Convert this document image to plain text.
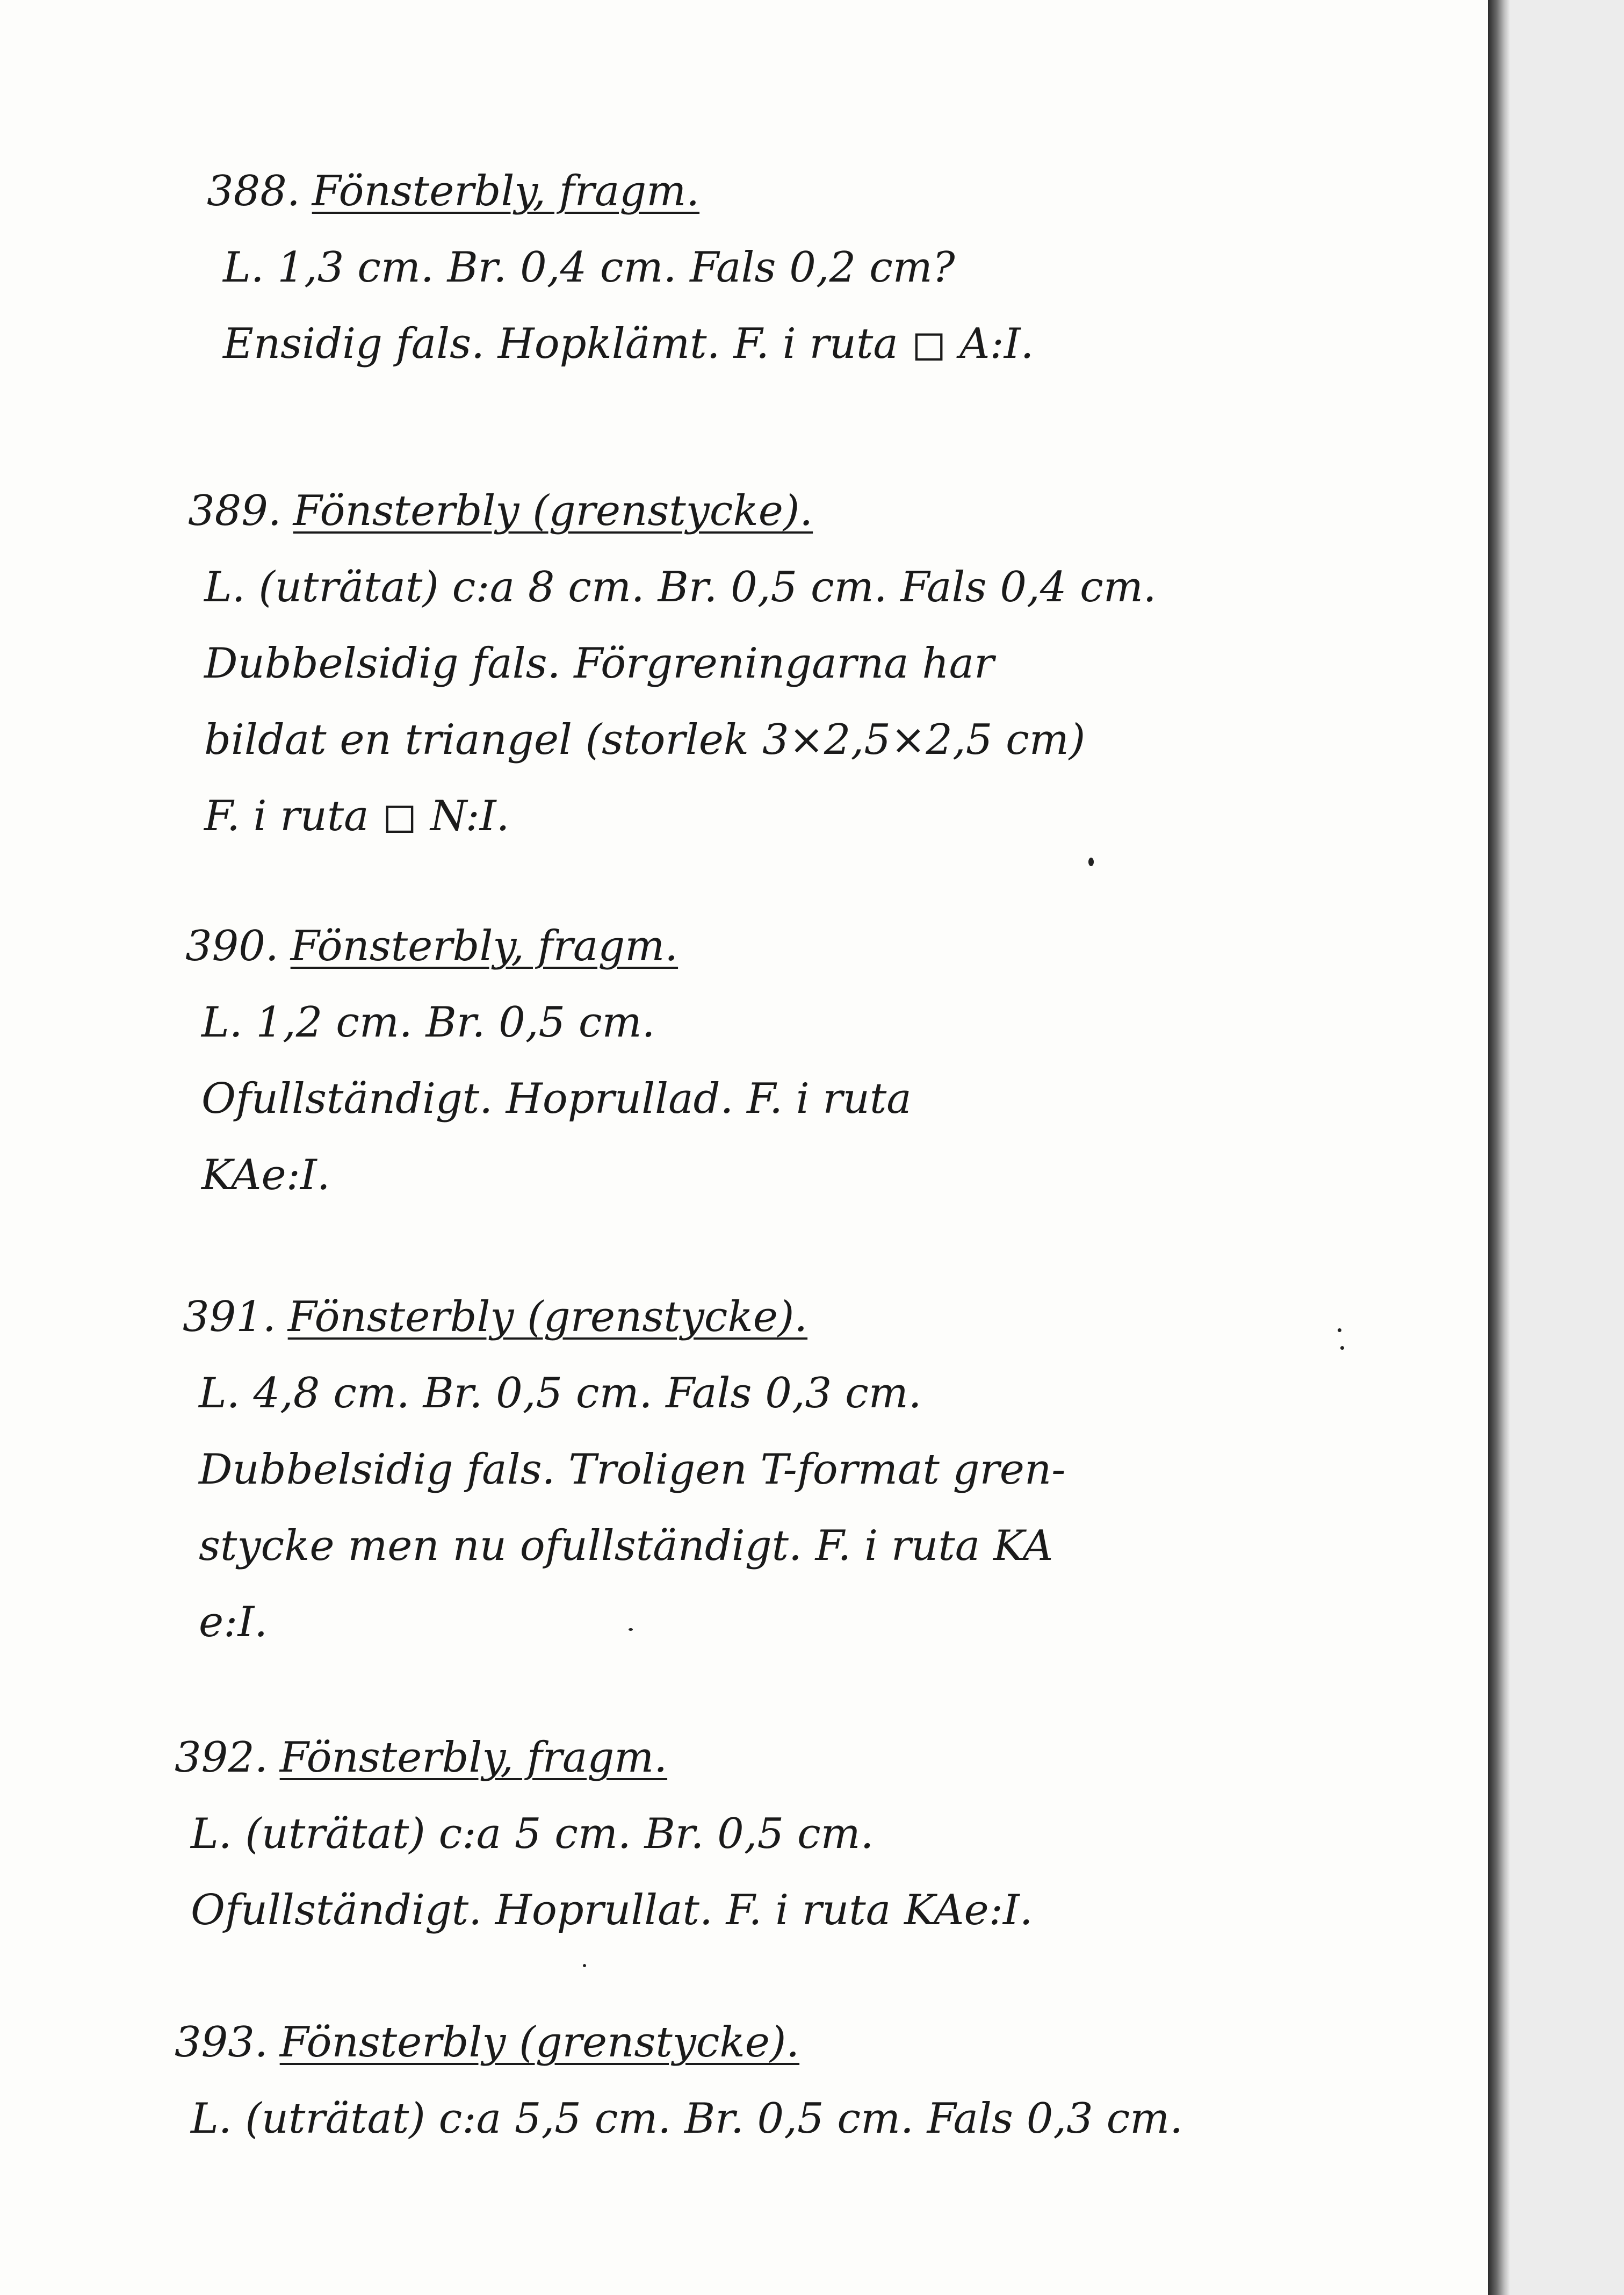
388. Fönsterbly, fragm.
L. 1,3 cm. Br. 0,4 cm. Fals 0,2 cm?
Ensidig fals. Hopklämt. F. i ruta ◻ A:I.
389. Fönsterbly (grenstycke).
L. (uträtat) c:a 8 cm. Br. 0,5 cm. Fals 0,4 cm.
Dubbelsidig fals. Förgreningarna har
bildat en triangel (storlek 3×2,5×2,5 cm)
F. i ruta ◻ N:I.
390. Fönsterbly, fragm.
L. 1,2 cm. Br. 0,5 cm.
Ofullständigt. Hoprullad. F. i ruta
KAe:I.
391. Fönsterbly (grenstycke).
L. 4,8 cm. Br. 0,5 cm. Fals 0,3 cm.
Dubbelsidig fals. Troligen T-format gren-
stycke men nu ofullständigt. F. i ruta KA
e:I.
392. Fönsterbly, fragm.
L. (uträtat) c:a 5 cm. Br. 0,5 cm.
Ofullständigt. Hoprullat. F. i ruta KAe:I.
393. Fönsterbly (grenstycke).
L. (uträtat) c:a 5,5 cm. Br. 0,5 cm. Fals 0,3 cm.
